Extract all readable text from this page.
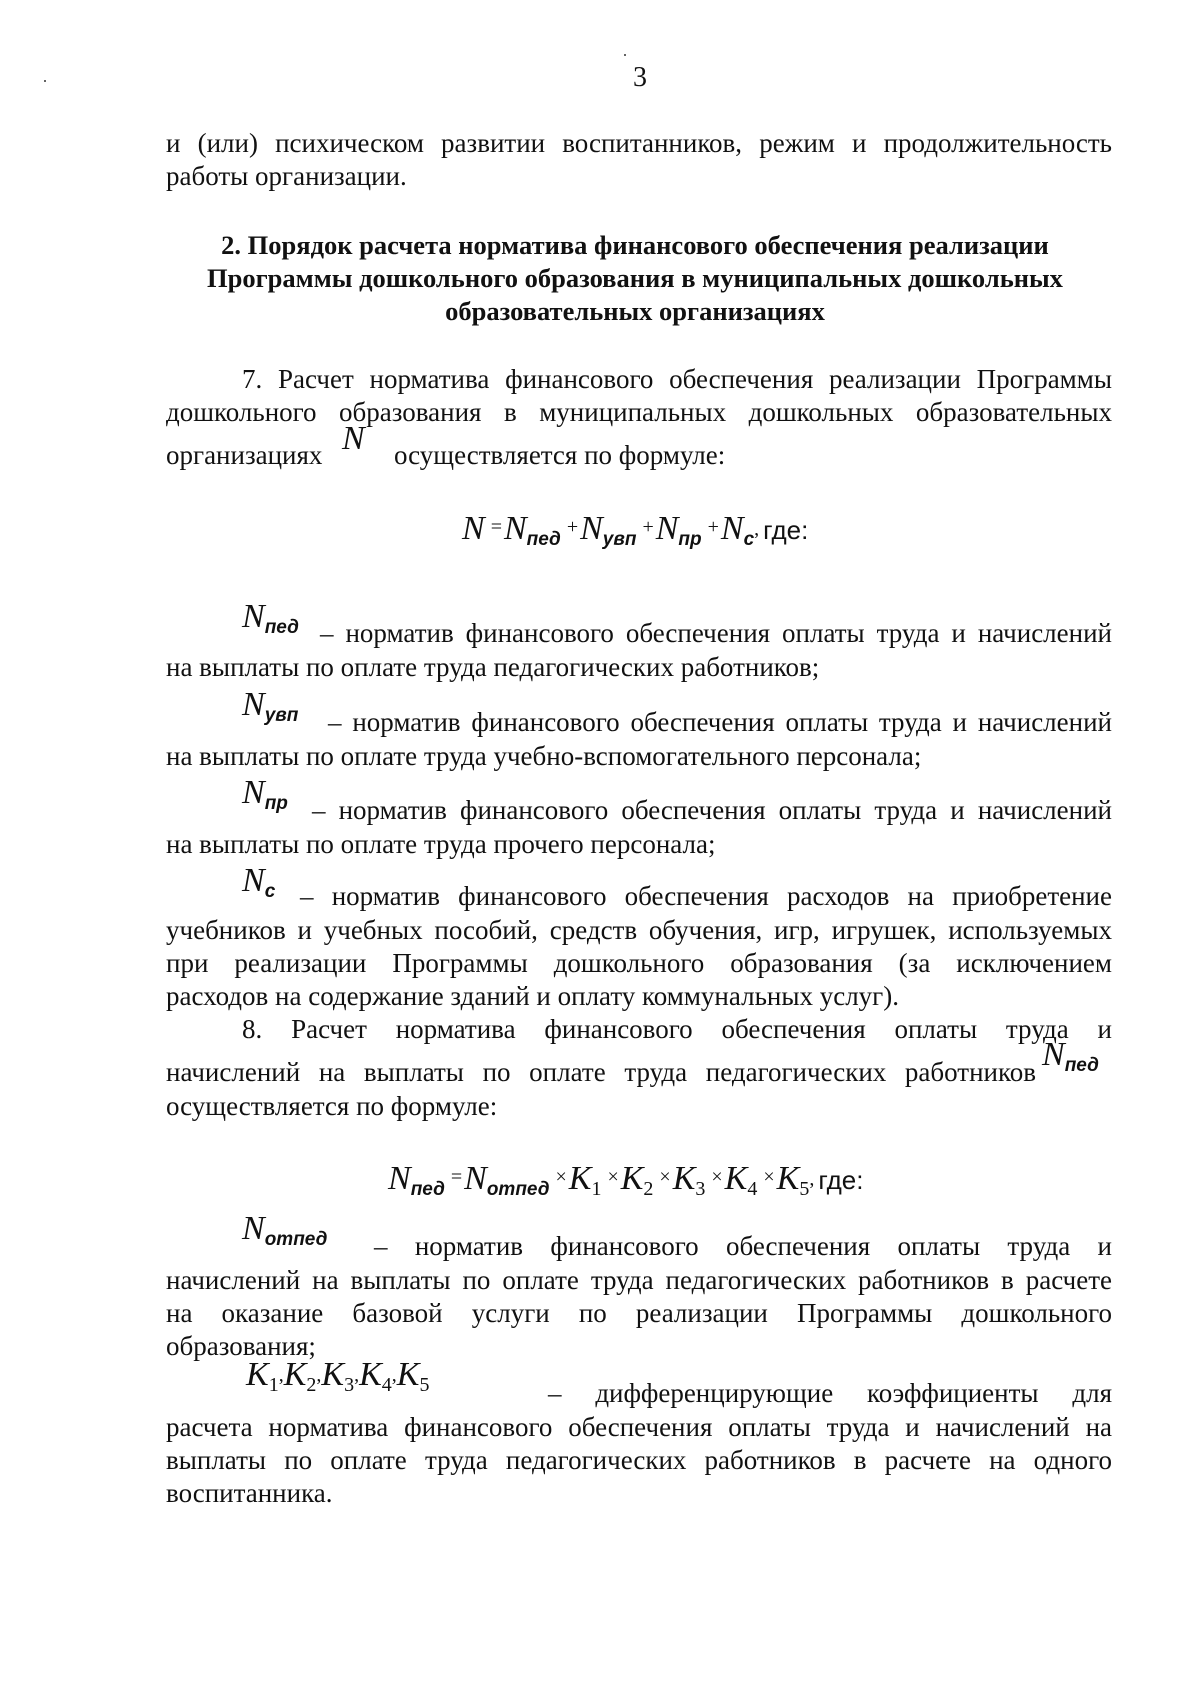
3
и (или) психическом развитии воспитанников, режим и продолжительность
работы организации.
2. Порядок расчета норматива финансового обеспечения реализации
Программы дошкольного образования в муниципальных дошкольных
образовательных организациях
7. Расчет норматива финансового обеспечения реализации Программы
дошкольного образования в муниципальных дошкольных образовательных
организациях N осуществляется по формуле:
N =Nпед +Nувп +Nпр +Nс, где:
Nпед – норматив финансового обеспечения оплаты труда и начислений
на выплаты по оплате труда педагогических работников;
Nувп – норматив финансового обеспечения оплаты труда и начислений
на выплаты по оплате труда учебно-вспомогательного персонала;
Nпр – норматив финансового обеспечения оплаты труда и начислений
на выплаты по оплате труда прочего персонала;
Nс – норматив финансового обеспечения расходов на приобретение
учебников и учебных пособий, средств обучения, игр, игрушек, используемых
при реализации Программы дошкольного образования (за исключением
расходов на содержание зданий и оплату коммунальных услуг).
8. Расчет норматива финансового обеспечения оплаты труда и
начислений на выплаты по оплате труда педагогических работников Nпед
осуществляется по формуле:
Nпед =Nотпед ×K1 ×K2 ×K3 ×K4 ×K5, где:
Nотпед – норматив финансового обеспечения оплаты труда и
начислений на выплаты по оплате труда педагогических работников в расчете
на оказание базовой услуги по реализации Программы дошкольного
образования;
K1,K2,K3,K4,K5	– дифференцирующие коэффициенты для
расчета норматива финансового обеспечения оплаты труда и начислений на
выплаты по оплате труда педагогических работников в расчете на одного
воспитанника.
